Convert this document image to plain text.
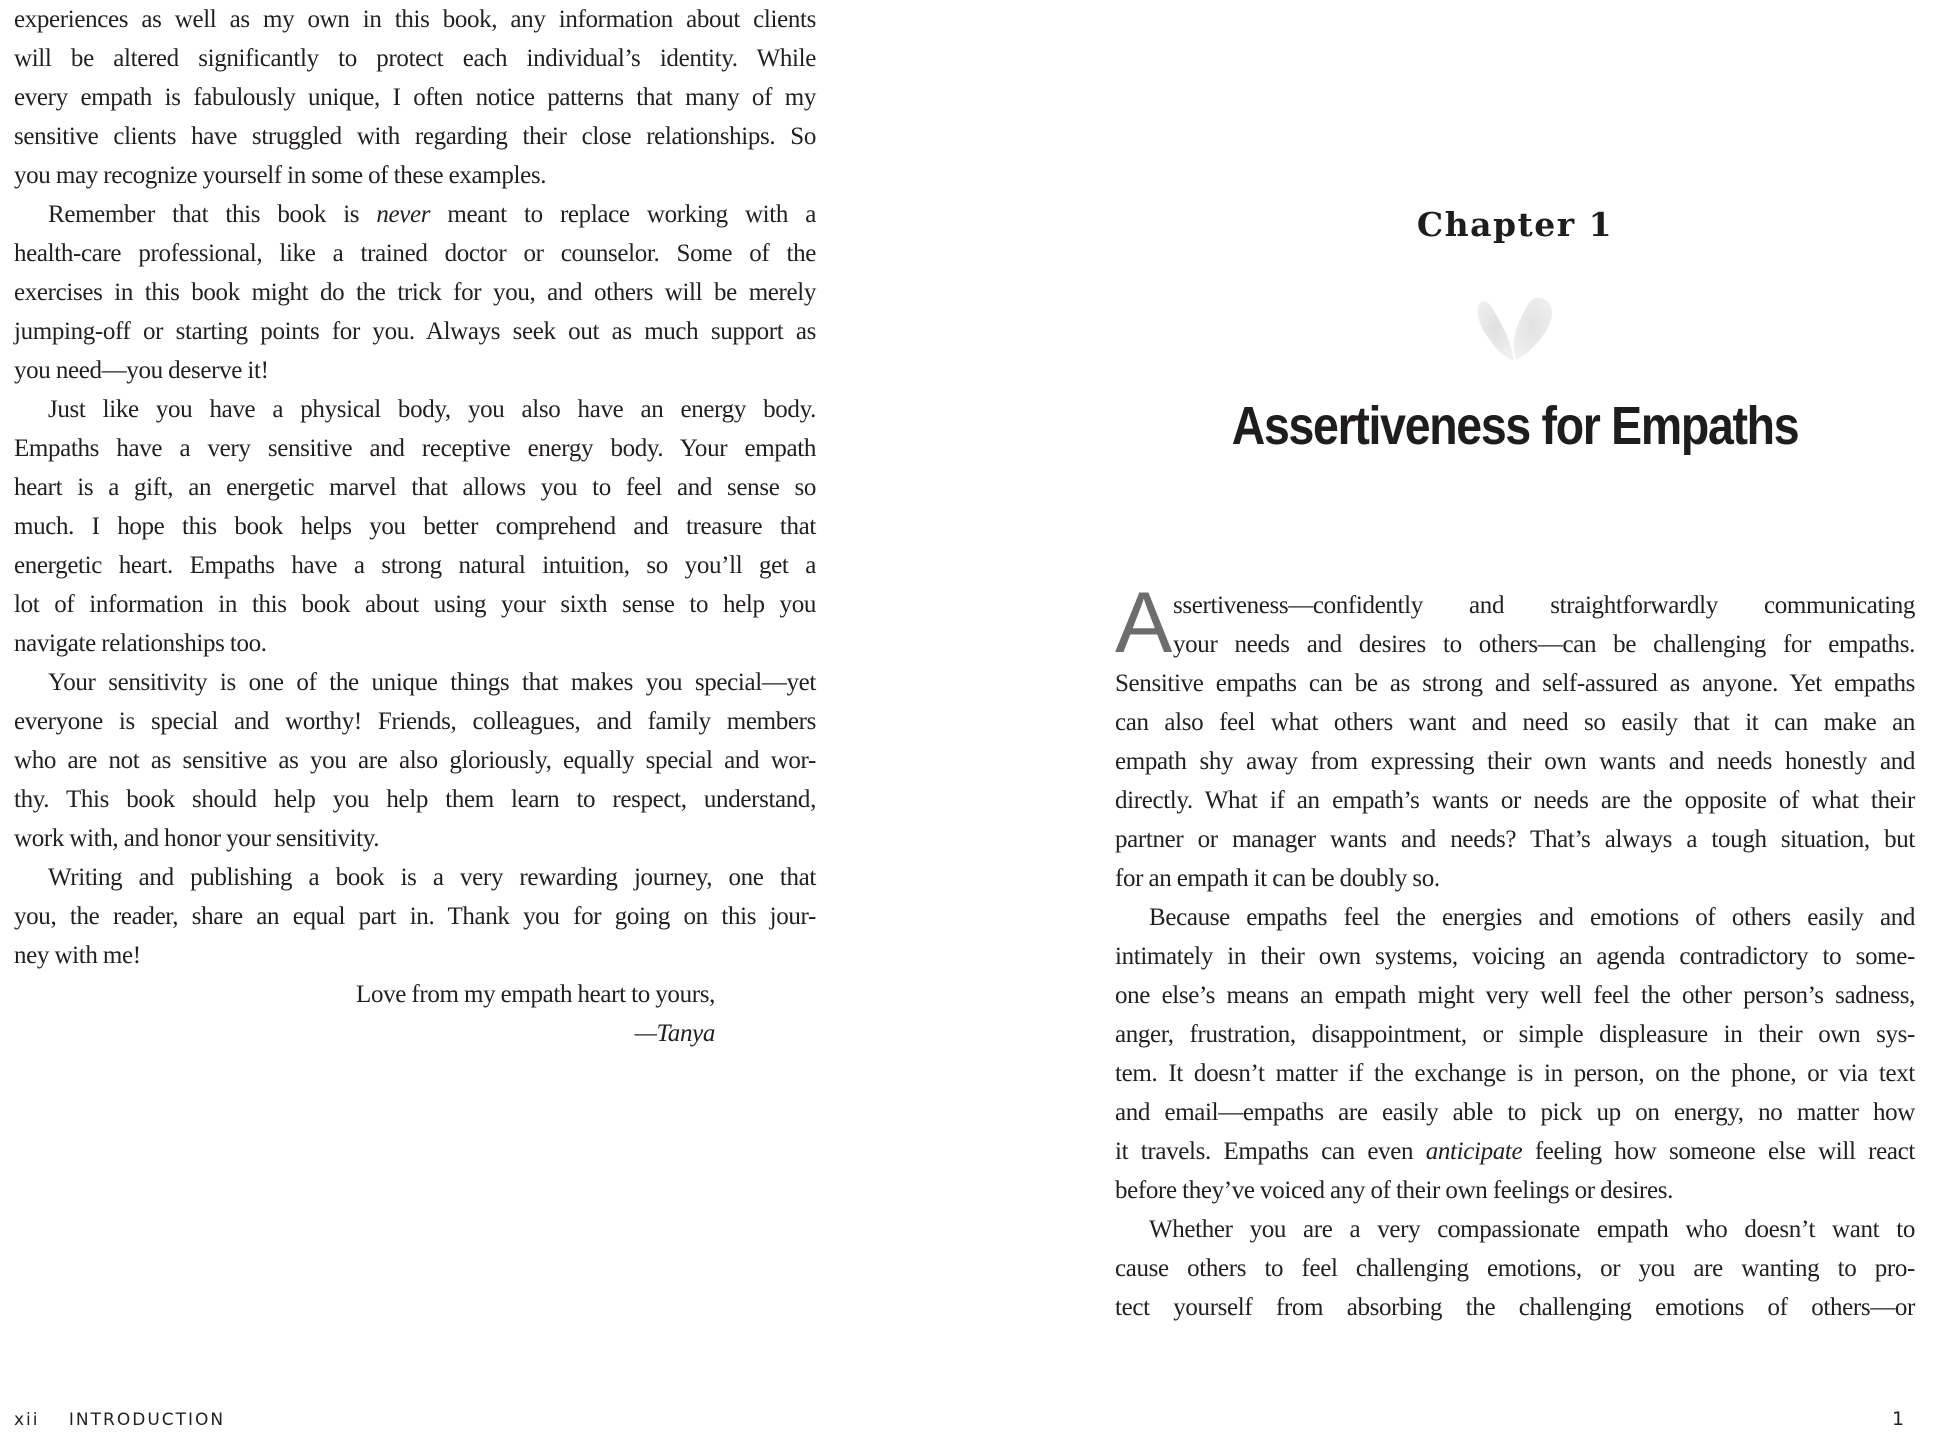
experiences as well as my own in this book, any information about clients
will be altered significantly to protect each individual’s identity. While
every empath is fabulously unique, I often notice patterns that many of my
sensitive clients have struggled with regarding their close relationships. So
you may recognize yourself in some of these examples.
Remember that this book is never meant to replace working with a
health-care professional, like a trained doctor or counselor. Some of the
exercises in this book might do the trick for you, and others will be merely
jumping-off or starting points for you. Always seek out as much support as
you need—you deserve it!
Just like you have a physical body, you also have an energy body.
Empaths have a very sensitive and receptive energy body. Your empath
heart is a gift, an energetic marvel that allows you to feel and sense so
much. I hope this book helps you better comprehend and treasure that
energetic heart. Empaths have a strong natural intuition, so you’ll get a
lot of information in this book about using your sixth sense to help you
navigate relationships too.
Your sensitivity is one of the unique things that makes you special—yet
everyone is special and worthy! Friends, colleagues, and family members
who are not as sensitive as you are also gloriously, equally special and wor-
thy. This book should help you help them learn to respect, understand,
work with, and honor your sensitivity.
Writing and publishing a book is a very rewarding journey, one that
you, the reader, share an equal part in. Thank you for going on this jour-
ney with me!
Love from my empath heart to yours,
—Tanya
xii INTRODUCTION
Chapter 1
Assertiveness for Empaths
A ssertiveness—confidently and straightforwardly communicating
your needs and desires to others—can be challenging for empaths.
Sensitive empaths can be as strong and self-assured as anyone. Yet empaths
can also feel what others want and need so easily that it can make an
empath shy away from expressing their own wants and needs honestly and
directly. What if an empath’s wants or needs are the opposite of what their
partner or manager wants and needs? That’s always a tough situation, but
for an empath it can be doubly so.
Because empaths feel the energies and emotions of others easily and
intimately in their own systems, voicing an agenda contradictory to some-
one else’s means an empath might very well feel the other person’s sadness,
anger, frustration, disappointment, or simple displeasure in their own sys-
tem. It doesn’t matter if the exchange is in person, on the phone, or via text
and email—empaths are easily able to pick up on energy, no matter how
it travels. Empaths can even anticipate feeling how someone else will react
before they’ve voiced any of their own feelings or desires.
Whether you are a very compassionate empath who doesn’t want to
cause others to feel challenging emotions, or you are wanting to pro-
tect yourself from absorbing the challenging emotions of others—or
1
